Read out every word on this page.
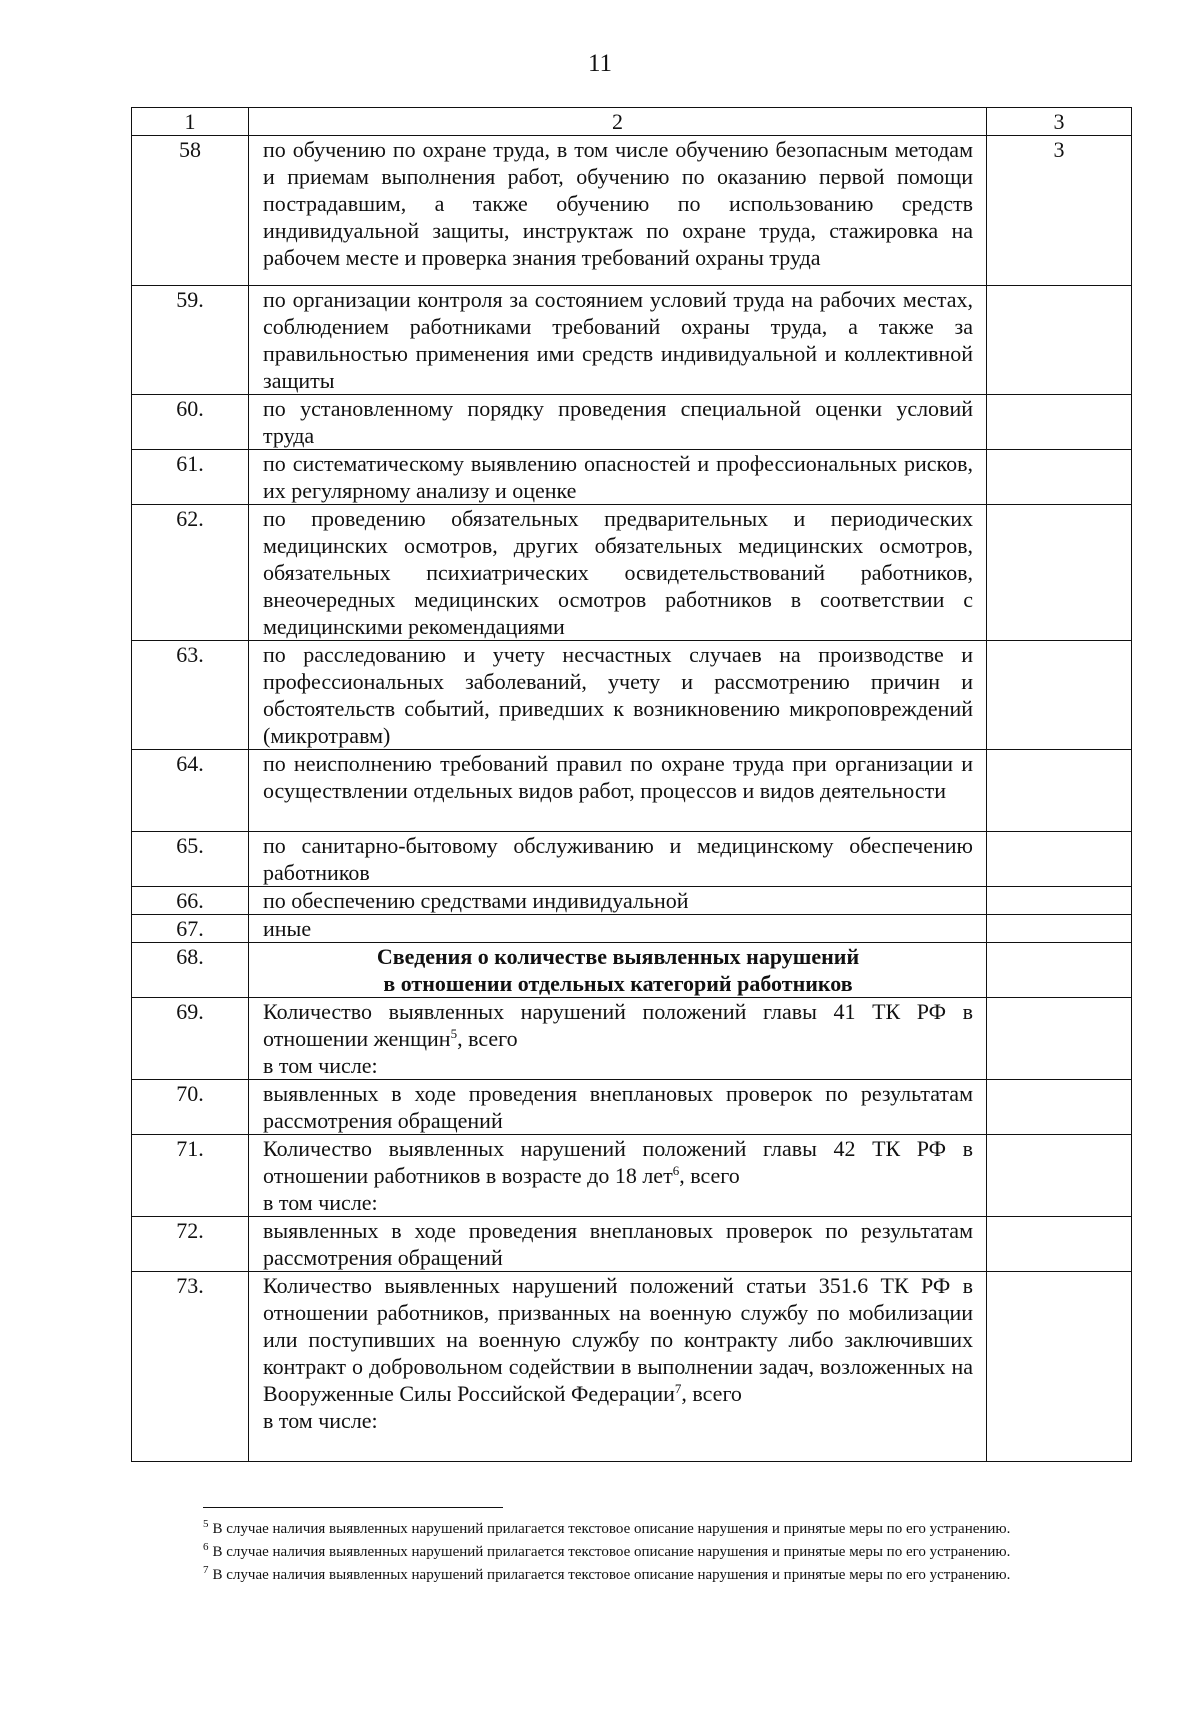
11
1	2	3
58	по обучению по охране труда, в том числе обучению безопасным методам и приемам выполнения работ, обучению по оказанию первой помощи пострадавшим, а также обучению по использованию средств индивидуальной защиты, инструктаж по охране труда, стажировка на рабочем месте и проверка знания требований охраны труда	3
59.	по организации контроля за состоянием условий труда на рабочих местах, соблюдением работниками требований охраны труда, а также за правильностью применения ими средств индивидуальной и коллективной защиты	
60.	по установленному порядку проведения специальной оценки условий труда	
61.	по систематическому выявлению опасностей и профессиональных рисков, их регулярному анализу и оценке	
62.	по проведению обязательных предварительных и периодических медицинских осмотров, других обязательных медицинских осмотров, обязательных психиатрических освидетельствований работников, внеочередных медицинских осмотров работников в соответствии с медицинскими рекомендациями	
63.	по расследованию и учету несчастных случаев на производстве и профессиональных заболеваний, учету и рассмотрению причин и обстоятельств событий, приведших к возникновению микроповреждений (микротравм)	
64.	по неисполнению требований правил по охране труда при организации и осуществлении отдельных видов работ, процессов и видов деятельности	
65.	по санитарно-бытовому обслуживанию и медицинскому обеспечению работников	
66.	по обеспечению средствами индивидуальной	
67.	иные	
68.	Сведения о количестве выявленных нарушений
в отношении отдельных категорий работников	
69.	Количество выявленных нарушений положений главы 41 ТК РФ в отношении женщин$^5$, всего
в том числе:	
70.	выявленных в ходе проведения внеплановых проверок по результатам рассмотрения обращений	
71.	Количество выявленных нарушений положений главы 42 ТК РФ в отношении работников в возрасте до 18 лет$^6$, всего
в том числе:	
72.	выявленных в ходе проведения внеплановых проверок по результатам рассмотрения обращений	
73.	Количество выявленных нарушений положений статьи 351.6 ТК РФ в отношении работников, призванных на военную службу по мобилизации или поступивших на военную службу по контракту либо заключивших контракт о добровольном содействии в выполнении задач, возложенных на Вооруженные Силы Российской Федерации$^7$, всего
в том числе:	
$^5$ В случае наличия выявленных нарушений прилагается текстовое описание нарушения и принятые меры по его устранению.
$^6$ В случае наличия выявленных нарушений прилагается текстовое описание нарушения и принятые меры по его устранению.
$^7$ В случае наличия выявленных нарушений прилагается текстовое описание нарушения и принятые меры по его устранению.
